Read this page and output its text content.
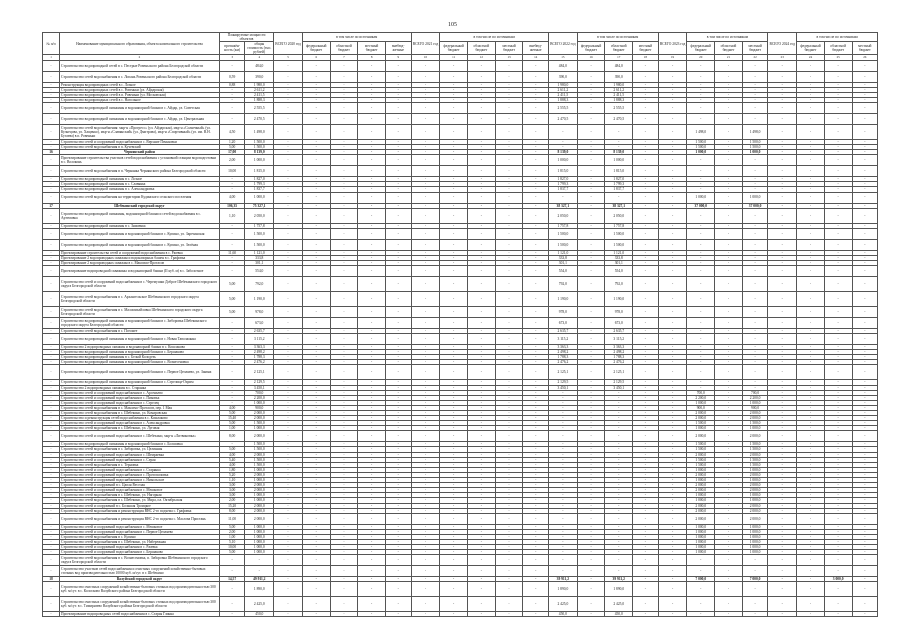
105
№ п/п	Наименование муниципального образования, объекта капитального строительства	Планируемые мощности объектов		ВСЕГО 2020 год	в том числе по источникам				ВСЕГО 2021 год	в том числе по источникам				ВСЕГО 2022 год	в том числе по источникам			ВСЕГО 2023 год	в том числе по источникам			ВСЕГО 2024 год	в том числе по источникам			
		протяжён-ность (км)	общая стоимость (тыс. рублей)		федеральный бюджет	областной бюджет	местный бюджет	внебюд-жетные		федеральный бюджет	областной бюджет	местный бюджет	внебюд-жетные		федеральный бюджет	областной бюджет	местный бюджет		федеральный бюджет	областной бюджет	местный бюджет		федеральный бюджет	областной бюджет	местный бюджет	

1	2	3	4	5	6	7	8	9	10	11	12	13	14	15	16	17	18	19	20	21	22	23	24	25	26	
-	Строительство водопроводной сетей в с. Пестрые Ровеньского района Белгородской области	-	484,0	-	-	-	-	-	-	-	-	-	-	484,0	-	484,0	-	-	-	-	-	-	-	-	-	
-	Строительство сетей водоснабжения в с. Лопань Ровеньского района Белгородской области	0,59	390,0	-	-	-	-	-	-	-	-	-	-	390,0	-	390,0	-	-	-	-	-	-	-	-	-	
-	Реконструкция водопроводных сетей в с. Лозное	0,88	1 980,0	-	-	-	-	-	-	-	-	-	-	1 980,0	-	1 980,0	-	-	-	-	-	-	-	-	-	
-	Строительство водопроводных сетей в с. Ровеньки (ул. Айдарская)	-	2 611,2	-	-	-	-	-	-	-	-	-	-	2 611,2	-	2 611,2	-	-	-	-	-	-	-	-	-	
-	Строительство водопроводных сетей в п. Ровеньки (ул. Московская)	-	2 411,5	-	-	-	-	-	-	-	-	-	-	2 411,5	-	2 411,5	-	-	-	-	-	-	-	-	-	
-	Строительство водопроводных сетей в с. Нагольное	-	1 888,3	-	-	-	-	-	-	-	-	-	-	1 888,3	-	1 888,3	-	-	-	-	-	-	-	-	-	
-	Строительство водопроводной скважины и водонапорной башни в с. Айдар, ул. Советская	-	2 555,5	-	-	-	-	-	-	-	-	-	-	2 555,5	-	2 555,5	-	-	-	-	-	-	-	-	-	
-	Строительство водопроводной скважины и водонапорной башни в с. Айдар, ул. Центральная	-	2 470,5	-	-	-	-	-	-	-	-	-	-	2 470,5	-	2 470,5	-	-	-	-	-	-	-	-	-	
-	Строительство сетей водоснабжения: мкр-н «Прогресс» (ул. Айдарская), мкр-н «Солнечный» (ул. Кузнецова, ул. Хащенко), мкр-н «Славянский» (ул. Дмитрова), мкр-н «Спортивный» (ул. им. В.Н. Бугаева) в п. Ровеньки	4,50	1 498,0	-	-	-	-	-	-	-	-	-	-	-	-	-	-	-	1 498,0	-	1 498,0	-	-	-	-	
-	Строительство сетей и сооружений водоснабжения в с. Верхние Пеньковки	1,20	1 500,0	-	-	-	-	-	-	-	-	-	-	-	-	-	-	-	1 500,0	-	1 500,0	-	-	-	-	
-	Строительство сетей водоснабжения в п. Кучевский	5,00	1 500,0	-	-	-	-	-	-	-	-	-	-	-	-	-	-	-	1 500,0	-	1 500,0	-	-	-	-	
16	Чернянский район	17,00	8 139,0	-	-	-	-	-	-	-	-	-	-	8 139,0	-	8 139,0	-	-	1 000,0	-	1 000,0	-	-	-	-	
-	Проектирование строительства участков сетей водоснабжения с установкой станции водоподготовки в с. Волоконь	2,00	1 000,0	-	-	-	-	-	-	-	-	-	-	1 000,0	-	1 000,0	-	-	-	-	-	-	-	-	-	
-	Строительство сетей водоснабжения в п. Чернянка Чернянского района Белгородской области	10,00	1 815,0	-	-	-	-	-	-	-	-	-	-	1 815,0	-	1 815,0	-	-	-	-	-	-	-	-	-	
-	Строительство водопроводной скважины в с. Лозное	-	1 827,0	-	-	-	-	-	-	-	-	-	-	1 827,0	-	1 827,0	-	-	-	-	-	-	-	-	-	
-	Строительство водопроводной скважины в с. Славянка	-	1 799,3	-	-	-	-	-	-	-	-	-	-	1 799,3	-	1 799,3	-	-	-	-	-	-	-	-	-	
-	Строительство водопроводной скважины в с. Александровка	-	1 837,7	-	-	-	-	-	-	-	-	-	-	1 837,7	-	1 837,7	-	-	-	-	-	-	-	-	-	
-	Строительство сетей водоснабжения на территории Кудинского сельского поселения	4,00	1 000,0	-	-	-	-	-	-	-	-	-	-	-	-	-	-	-	1 000,0	-	1 000,0	-	-	-	-	
17	Шебекинский городской округ	106,35	75 327,1	-	-	-	-	-	-	-	-	-	-	38 327,1	-	38 327,1	-	-	37 000,0	-	37 000,0	-	-	-	-	
-	Строительство водопроводной скважины, водонапорной башни и сетей водоснабжения в с. Артемовка	1,10	2 050,0	-	-	-	-	-	-	-	-	-	-	2 050,0	-	2 050,0	-	-	-	-	-	-	-	-	-	
-	Строительство водопроводной скважины в с. Знаменка	-	1 757,8	-	-	-	-	-	-	-	-	-	-	1 757,8	-	1 757,8	-	-	-	-	-	-	-	-	-	
-	Строительство водопроводной скважины и водонапорной башни в с. Купино, ул. Заречанская	-	1 500,0	-	-	-	-	-	-	-	-	-	-	1 500,0	-	1 500,0	-	-	-	-	-	-	-	-	-	
-	Строительство водопроводной скважины и водонапорной башни в с. Купино, ул. Зелёная	-	1 500,0	-	-	-	-	-	-	-	-	-	-	1 500,0	-	1 500,0	-	-	-	-	-	-	-	-	-	
-	Проектирование строительства сетей и сооружений водоснабжения в с. Ржевка	11,60	1 121,0	-	-	-	-	-	-	-	-	-	-	1 121,0	-	1 121,0	-	-	-	-	-	-	-	-	-	
-	Проектирование 2 водопроводных скважин и водонапорных башен в с. Графовка	-	333,8	-	-	-	-	-	-	-	-	-	-	333,8	-	333,8	-	-	-	-	-	-	-	-	-	
-	Проектирование 2 водопроводных скважин в с. Максимо-Протасов	-	301,1	-	-	-	-	-	-	-	-	-	-	301,1	-	301,1	-	-	-	-	-	-	-	-	-	
-	Проектирование водопроводной скважины и водонапорной башни (II куб. м) в с. Заболотное	-	554,0	-	-	-	-	-	-	-	-	-	-	554,0	-	554,0	-	-	-	-	-	-	-	-	-	
-	Строительство сетей и сооружений водоснабжения в с. Черемушки Доброе Шебекинского городского округа Белгородской области	5,00	792,0	-	-	-	-	-	-	-	-	-	-	792,0	-	792,0	-	-	-	-	-	-	-	-	-	
-	Строительство сетей водоснабжения в с. Архангельское Шебекинского городского округа Белгородской области	5,00	1 190,0	-	-	-	-	-	-	-	-	-	-	1 190,0	-	1 190,0	-	-	-	-	-	-	-	-	-	
-	Строительство сетей водоснабжения в с. Маломихайловка Шебекинского городского округа Белгородской области	5,00	978,0	-	-	-	-	-	-	-	-	-	-	978,0	-	978,0	-	-	-	-	-	-	-	-	-	
-	Строительство водопроводной скважины и водонапорной башни в с. Зиборовка Шебекинского городского округа Белгородской области	-	673,0	-	-	-	-	-	-	-	-	-	-	673,0	-	673,0	-	-	-	-	-	-	-	-	-	
-	Строительство сетей водоснабжения в с. Погожее	-	2 635,7	-	-	-	-	-	-	-	-	-	-	2 635,7	-	2 635,7	-	-	-	-	-	-	-	-	-	
-	Строительство водопроводной скважины и водонапорной башни в с. Новая Таволжанка	-	3 115,2	-	-	-	-	-	-	-	-	-	-	3 115,2	-	3 115,2	-	-	-	-	-	-	-	-	-	
-	Строительство 2 водопроводных скважин и водонапорной башни в с. Кошлаково	-	3 363,3	-	-	-	-	-	-	-	-	-	-	3 363,3	-	3 363,3	-	-	-	-	-	-	-	-	-	
-	Строительство водопроводной скважины и водонапорной башни в с. Бершаково	-	2 498,2	-	-	-	-	-	-	-	-	-	-	2 498,2	-	2 498,2	-	-	-	-	-	-	-	-	-	
-	Строительство водопроводной скважины в с. Белый Колодезь	-	1 788,3	-	-	-	-	-	-	-	-	-	-	1 788,3	-	1 788,3	-	-	-	-	-	-	-	-	-	
-	Строительство водопроводной скважины и водонапорной башни в с. Вознесеновка	-	2 476,2	-	-	-	-	-	-	-	-	-	-	2 476,2	-	2 476,2	-	-	-	-	-	-	-	-	-	
-	Строительство водопроводной скважины и водонапорной башни в с. Первое Цепляево, ул. Заявна	-	2 125,1	-	-	-	-	-	-	-	-	-	-	2 125,1	-	2 125,1	-	-	-	-	-	-	-	-	-	
-	Строительство водопроводной скважины и водонапорной башни в с. Стрелица-Охрим	-	2 129,5	-	-	-	-	-	-	-	-	-	-	2 129,5	-	2 129,5	-	-	-	-	-	-	-	-	-	
-	Строительство 2 водопроводных скважин в с. Старянка	-	3 450,1	-	-	-	-	-	-	-	-	-	-	3 450,1	-	3 450,1	-	-	-	-	-	-	-	-	-	
-	Строительство сетей и сооружений водоснабжения в с. Арсеньево	-	700,0	-	-	-	-	-	-	-	-	-	-	-	-	-	-	-	700,0	-	700,0	-	-	-	-	
-	Строительство сетей и сооружений водоснабжения в с. Пиковка	-	2 200,0	-	-	-	-	-	-	-	-	-	-	-	-	-	-	-	2 200,0	-	2 200,0	-	-	-	-	
-	Строительство сетей и сооружений водоснабжения в с. Стрелец	-	1 000,0	-	-	-	-	-	-	-	-	-	-	-	-	-	-	-	1 000,0	-	1 000,0	-	-	-	-	
-	Строительство сетей водоснабжения в с. Максимо-Протасов, пер. 1 Мая	4,00	900,0	-	-	-	-	-	-	-	-	-	-	-	-	-	-	-	900,0	-	900,0	-	-	-	-	
-	Строительство сетей водоснабжения в с. Шебекино, ул. Комаровская	5,00	2 000,0	-	-	-	-	-	-	-	-	-	-	-	-	-	-	-	2 000,0	-	2 000,0	-	-	-	-	
-	Строительство и реконструкция сетей водоснабжения в с. Кошлаково	15,40	2 000,0	-	-	-	-	-	-	-	-	-	-	-	-	-	-	-	2 000,0	-	2 000,0	-	-	-	-	
-	Строительство сетей и сооружений водоснабжения в с. Александровка	5,00	1 500,0	-	-	-	-	-	-	-	-	-	-	-	-	-	-	-	1 500,0	-	1 500,0	-	-	-	-	
-	Строительство сетей водоснабжения в с. Шебекино, ул. Луговая	1,00	1 000,0	-	-	-	-	-	-	-	-	-	-	-	-	-	-	-	1 000,0	-	1 000,0	-	-	-	-	
-	Строительство сетей и сооружений водоснабжения в с. Шебекино, мкр-н «Литвиновка»	8,00	2 000,0	-	-	-	-	-	-	-	-	-	-	-	-	-	-	-	2 000,0	-	2 000,0	-	-	-	-	
-	Строительство водопроводной скважины и водонапорной башни в с. Болшовка	-	1 500,0	-	-	-	-	-	-	-	-	-	-	-	-	-	-	-	1 500,0	-	1 500,0	-	-	-	-	
-	Строительство сетей водоснабжения в с. Зиборовка, ул. Целинная	5,00	1 500,0	-	-	-	-	-	-	-	-	-	-	-	-	-	-	-	1 500,0	-	1 500,0	-	-	-	-	
-	Строительство сетей и сооружений водоснабжения в с. Шемраевка	4,00	2 000,0	-	-	-	-	-	-	-	-	-	-	-	-	-	-	-	2 000,0	-	2 000,0	-	-	-	-	
-	Строительство сетей и сооружений водоснабжения в с. Серая	5,40	1 500,0	-	-	-	-	-	-	-	-	-	-	-	-	-	-	-	1 500,0	-	1 500,0	-	-	-	-	
-	Строительство сетей водоснабжения в с. Терновка	4,00	1 500,0	-	-	-	-	-	-	-	-	-	-	-	-	-	-	-	1 500,0	-	1 500,0	-	-	-	-	
-	Строительство сетей и сооружений водоснабжения в с. Старянка	1,80	1 000,0	-	-	-	-	-	-	-	-	-	-	-	-	-	-	-	1 000,0	-	1 000,0	-	-	-	-	
-	Строительство сетей и сооружений водоснабжения в с. Протопоповка	5,20	2 000,0	-	-	-	-	-	-	-	-	-	-	-	-	-	-	-	2 000,0	-	2 000,0	-	-	-	-	
-	Строительство сетей и сооружений водоснабжения в с. Никольское	1,10	1 000,0	-	-	-	-	-	-	-	-	-	-	-	-	-	-	-	1 000,0	-	1 000,0	-	-	-	-	
-	Строительство сетей и сооружений в с. Цапля Веселая	3,00	2 000,0	-	-	-	-	-	-	-	-	-	-	-	-	-	-	-	2 000,0	-	2 000,0	-	-	-	-	
-	Строительство сетей и сооружений водоснабжения в с. Мешковое	3,00	2 000,0	-	-	-	-	-	-	-	-	-	-	-	-	-	-	-	2 000,0	-	2 000,0	-	-	-	-	
-	Строительство сетей водоснабжения в с. Шебекино, ул. Нагорная	3,00	1 000,0	-	-	-	-	-	-	-	-	-	-	-	-	-	-	-	1 000,0	-	1 000,0	-	-	-	-	
-	Строительство сетей водоснабжения в с. Шебекино, ул. Мира, пл. Октябрьская	2,00	1 000,0	-	-	-	-	-	-	-	-	-	-	-	-	-	-	-	1 000,0	-	1 000,0	-	-	-	-	
-	Строительство сетей и сооружений в с. Большая Троицкое	15,20	2 000,0	-	-	-	-	-	-	-	-	-	-	-	-	-	-	-	2 000,0	-	2 000,0	-	-	-	-	
-	Строительство сетей водоснабжения и реконструкция ВНС 2-го подъема с. Графовка	8,00	2 000,0	-	-	-	-	-	-	-	-	-	-	-	-	-	-	-	2 000,0	-	2 000,0	-	-	-	-	
-	Строительство сетей водоснабжения и реконструкция ВНС 2-го подъема с. Маслова Пристань	11,00	2 000,0	-	-	-	-	-	-	-	-	-	-	-	-	-	-	-	2 000,0	-	2 000,0	-	-	-	-	
-	Строительство сетей и сооружений водоснабжения в с. Мешковое	5,00	1 000,0	-	-	-	-	-	-	-	-	-	-	-	-	-	-	-	1 000,0	-	1 000,0	-	-	-	-	
-	Строительство сетей и сооружений водоснабжения в с. Первое Цепляево	2,00	1 000,0	-	-	-	-	-	-	-	-	-	-	-	-	-	-	-	1 000,0	-	1 000,0	-	-	-	-	
-	Строительство сетей водоснабжения в с. Купино	1,00	1 000,0	-	-	-	-	-	-	-	-	-	-	-	-	-	-	-	1 000,0	-	1 000,0	-	-	-	-	
-	Строительство сетей водоснабжения в с. Шебекино, ул. Набережная	5,10	1 000,0	-	-	-	-	-	-	-	-	-	-	-	-	-	-	-	1 000,0	-	1 000,0	-	-	-	-	
-	Строительство сетей и сооружений водоснабжения в с. Ржевка	10,00	1 000,0	-	-	-	-	-	-	-	-	-	-	-	-	-	-	-	1 000,0	-	1 000,0	-	-	-	-	
-	Строительство сетей и сооружений водоснабжения в с. Бершаково	5,00	1 000,0	-	-	-	-	-	-	-	-	-	-	-	-	-	-	-	1 000,0	-	1 000,0	-	-	-	-	
-	Строительство сетей водоснабжения в с. Вознесеновка, п. Зиборовка Шебекинского городского округа Белгородской области	-	-	-	-	-	-	-	-	-	-	-	-	-	-	-	-	-	-	-	-	-	-	-	-	
-	Строительство участков сетей водоснабжения и очистных сооружений хозяйственно-бытовых сточных вод производительностью 10000 куб. м/сут. в г. Шебекино	-	-	-	-	-	-	-	-	-	-	-	-	-	-	-	-	-	-	-	-	-	-	-	-	
18	Валуйский городской округ	14,57	49 911,2	-	-	-	-	-	-	-	-	-	-	39 911,2	-	39 911,2	-	-	7 000,0	-	7 000,0	-	-	3 000,0	-	
-	Строительство очистных сооружений хозяйственно-бытовых сточных вод производительностью 300 куб. м/сут. в с. Колосково Валуйского района Белгородской области	-	1 890,0	-	-	-	-	-	-	-	-	-	-	1 890,0	-	1 890,0	-	-	-	-	-	-	-	-	-	
-	Строительство очистных сооружений хозяйственно-бытовых сточных вод производительностью 300 куб. м/сут. в с. Тимирязево Валуйского района Белгородской области	-	2 425,0	-	-	-	-	-	-	-	-	-	-	2 425,0	-	2 425,0	-	-	-	-	-	-	-	-	-	
-	Проектирование водопроводных сетей водоснабжения в с. Старая Глинка	-	450,0	-	-	-	-	-	-	-	-	-	-	450,0	-	450,0	-	-	-	-	-	-	-	-	-	
